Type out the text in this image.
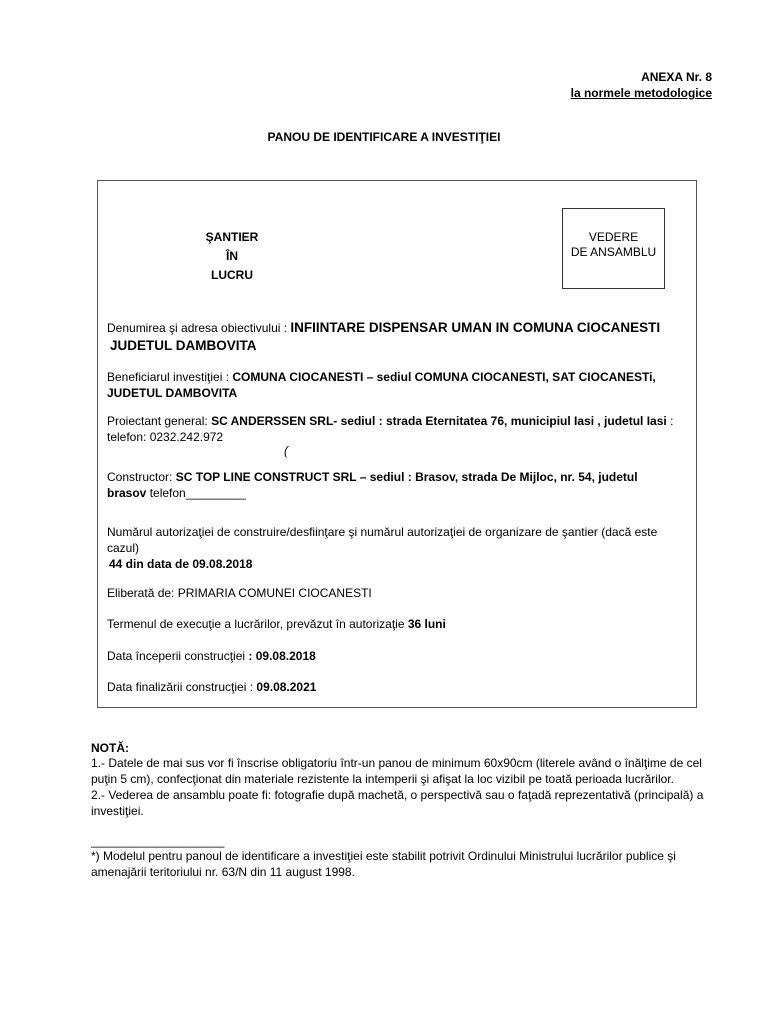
ANEXA Nr. 8
la normele metodologice
PANOU DE IDENTIFICARE A INVESTIŢIEI
ŞANTIER
ÎN
LUCRU
VEDERE
DE ANSAMBLU
Denumirea şi adresa obiectivului : INFIINTARE DISPENSAR UMAN IN COMUNA CIOCANESTI
JUDETUL DAMBOVITA
Beneficiarul investiţiei : COMUNA CIOCANESTI – sediul COMUNA CIOCANESTI, SAT CIOCANESTi,
JUDETUL DAMBOVITA
Proiectant general: SC ANDERSSEN SRL- sediul : strada Eternitatea 76, municipiul Iasi , judetul Iasi :
telefon: 0232.242.972
(
Constructor: SC TOP LINE CONSTRUCT SRL – sediul : Brasov, strada De Mijloc, nr. 54, judetul
brasov telefon_________
Numărul autorizaţiei de construire/desfiinţare şi numărul autorizaţiei de organizare de şantier (dacă este cazul)
44 din data de 09.08.2018
Eliberată de: PRIMARIA COMUNEI CIOCANESTI
Termenul de execuţie a lucrărilor, prevăzut în autorizaţie 36 luni
Data începerii construcţiei : 09.08.2018
Data finalizării construcţiei : 09.08.2021
NOTĂ:
1.- Datele de mai sus vor fi înscrise obligatoriu într-un panou de minimum 60x90cm (literele având o înălţime de cel puţin 5 cm), confecţionat din materiale rezistente la intemperii şi afişat la loc vizibil pe toată perioada lucrărilor.
2.- Vederea de ansamblu poate fi: fotografie după machetă, o perspectivă sau o faţadă reprezentativă (principală) a investiţiei.
____________________
*) Modelul pentru panoul de identificare a investiţiei este stabilit potrivit Ordinului Ministrului lucrărilor publice şi amenajării teritoriului nr. 63/N din 11 august 1998.
